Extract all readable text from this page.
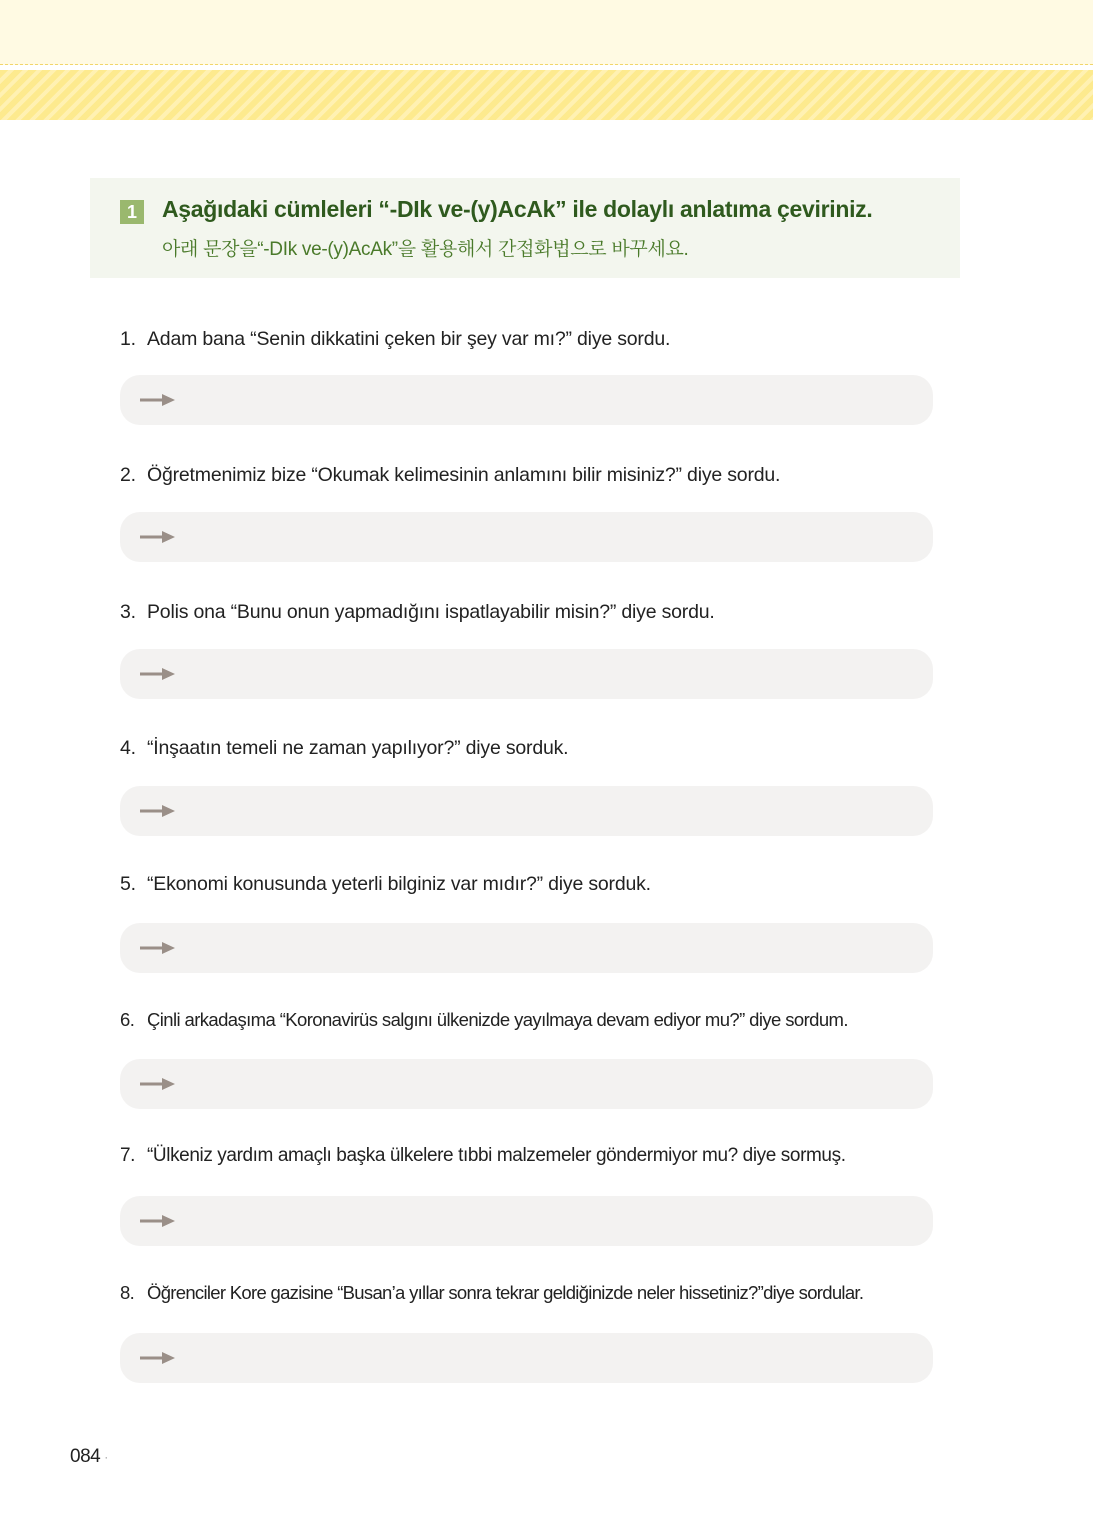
1	Aşağıdaki cümleleri “-DIk ve-(y)AcAk” ile dolaylı anlatıma çeviriniz.
아래 문장을“-DIk ve-(y)AcAk”을 활용해서 간접화법으로 바꾸세요.
1. Adam bana “Senin dikkatini çeken bir şey var mı?” diye sordu.
2. Öğretmenimiz bize “Okumak kelimesinin anlamını bilir misiniz?” diye sordu.
3. Polis ona “Bunu onun yapmadığını ispatlayabilir misin?” diye sordu.
4. “İnşaatın temeli ne zaman yapılıyor?” diye sorduk.
5. “Ekonomi konusunda yeterli bilginiz var mıdır?” diye sorduk.
6. Çinli arkadaşıma “Koronavirüs salgını ülkenizde yayılmaya devam ediyor mu?” diye sordum.
7. “Ülkeniz yardım amaçlı başka ülkelere tıbbi malzemeler göndermiyor mu? diye sormuş.
8. Öğrenciler Kore gazisine “Busan’a yıllar sonra tekrar geldiğinizde neler hissetiniz?”diye sordular.
084 ·
